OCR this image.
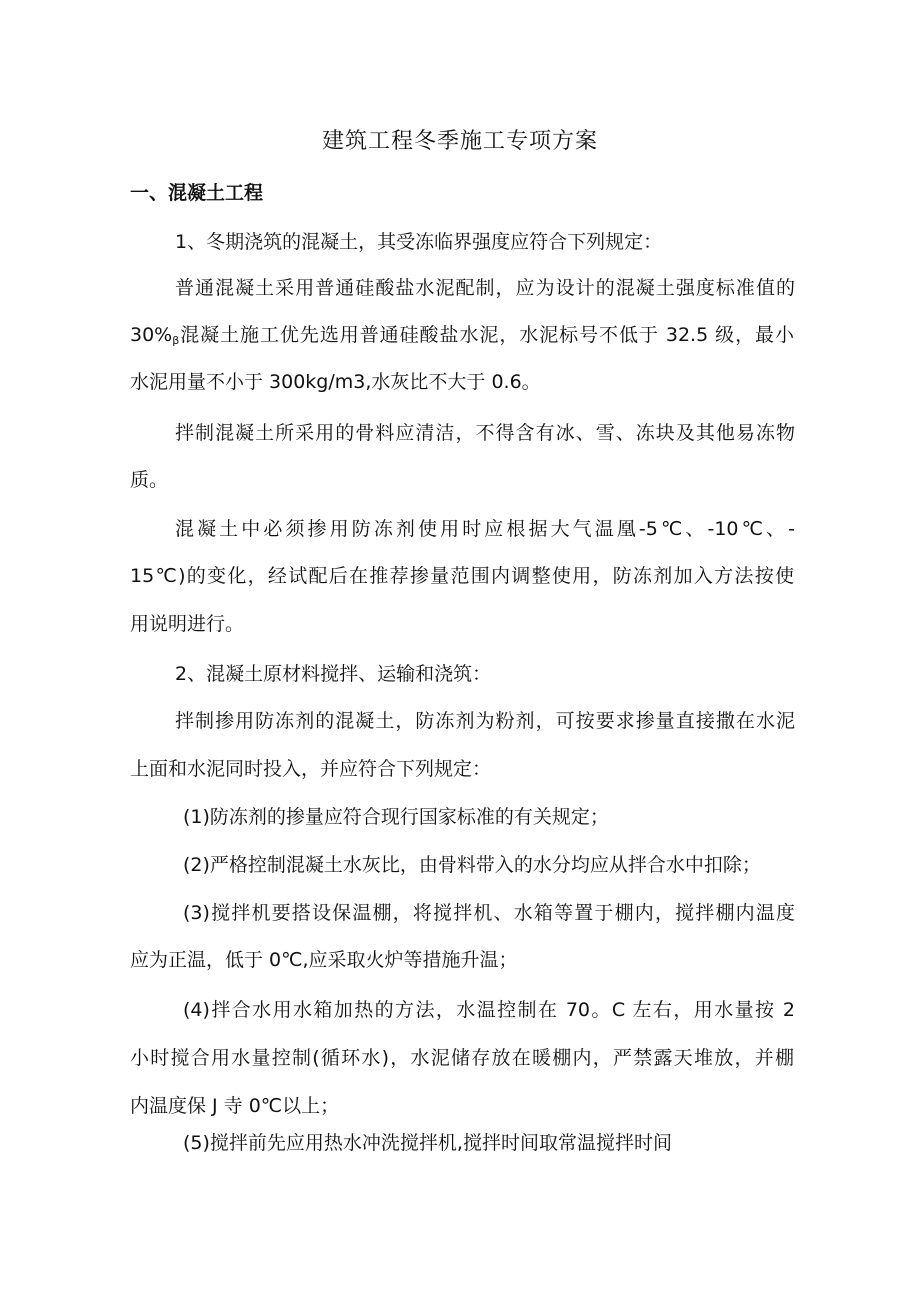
建筑工程冬季施工专项方案
一、混凝土工程
1、冬期浇筑的混凝土，其受冻临界强度应符合下列规定：
普通混凝土采用普通硅酸盐水泥配制，应为设计的混凝土强度标准值的
$30\%_\beta$混凝土施工优先选用普通硅酸盐水泥，水泥标号不低于 32.5 级，最小
水泥用量不小于 300kg∕m3,水灰比不大于 0.6。
拌制混凝土所采用的骨料应清洁，不得含有冰、雪、冻块及其他易冻物
质。
混凝土中必须掺用防冻剂使用时应根据大气温凰-5℃、-10℃、-
15℃)的变化，经试配后在推荐掺量范围内调整使用，防冻剂加入方法按使
用说明进行。
2、混凝土原材料搅拌、运输和浇筑：
拌制掺用防冻剂的混凝土，防冻剂为粉剂，可按要求掺量直接撒在水泥
上面和水泥同时投入，并应符合下列规定：
(1)防冻剂的掺量应符合现行国家标准的有关规定；
(2)严格控制混凝土水灰比，由骨料带入的水分均应从拌合水中扣除；
(3)搅拌机要搭设保温棚，将搅拌机、水箱等置于棚内，搅拌棚内温度
应为正温，低于 0℃,应采取火炉等措施升温；
(4)拌合水用水箱加热的方法，水温控制在 70。C 左右，用水量按 2
小时搅合用水量控制(循环水)，水泥储存放在暖棚内，严禁露天堆放，并棚
内温度保 J 寺 0℃以上；
(5)搅拌前先应用热水冲洗搅拌机,搅拌时间取常温搅拌时间
